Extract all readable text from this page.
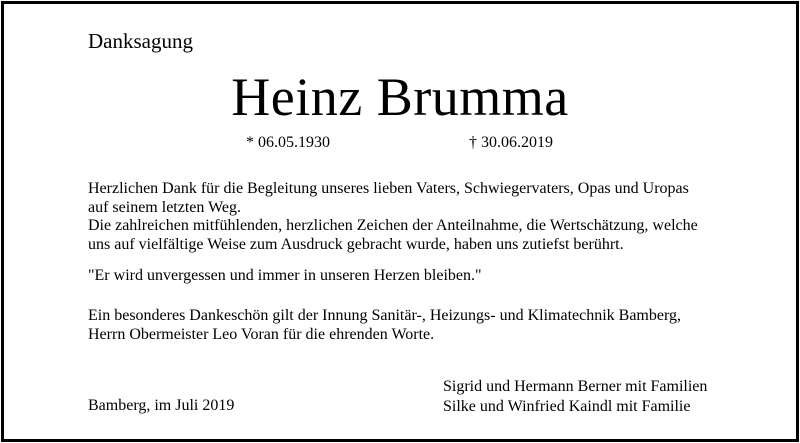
Danksagung
Heinz Brumma
* 06.05.1930	† 30.06.2019
Herzlichen Dank für die Begleitung unseres lieben Vaters, Schwiegervaters, Opas und Uropas
auf seinem letzten Weg.
Die zahlreichen mitfühlenden, herzlichen Zeichen der Anteilnahme, die Wertschätzung, welche
uns auf vielfältige Weise zum Ausdruck gebracht wurde, haben uns zutiefst berührt.
"Er wird unvergessen und immer in unseren Herzen bleiben."
Ein besonderes Dankeschön gilt der Innung Sanitär-, Heizungs- und Klimatechnik Bamberg,
Herrn Obermeister Leo Voran für die ehrenden Worte.
Bamberg, im Juli 2019
Sigrid und Hermann Berner mit Familien
Silke und Winfried Kaindl mit Familie
